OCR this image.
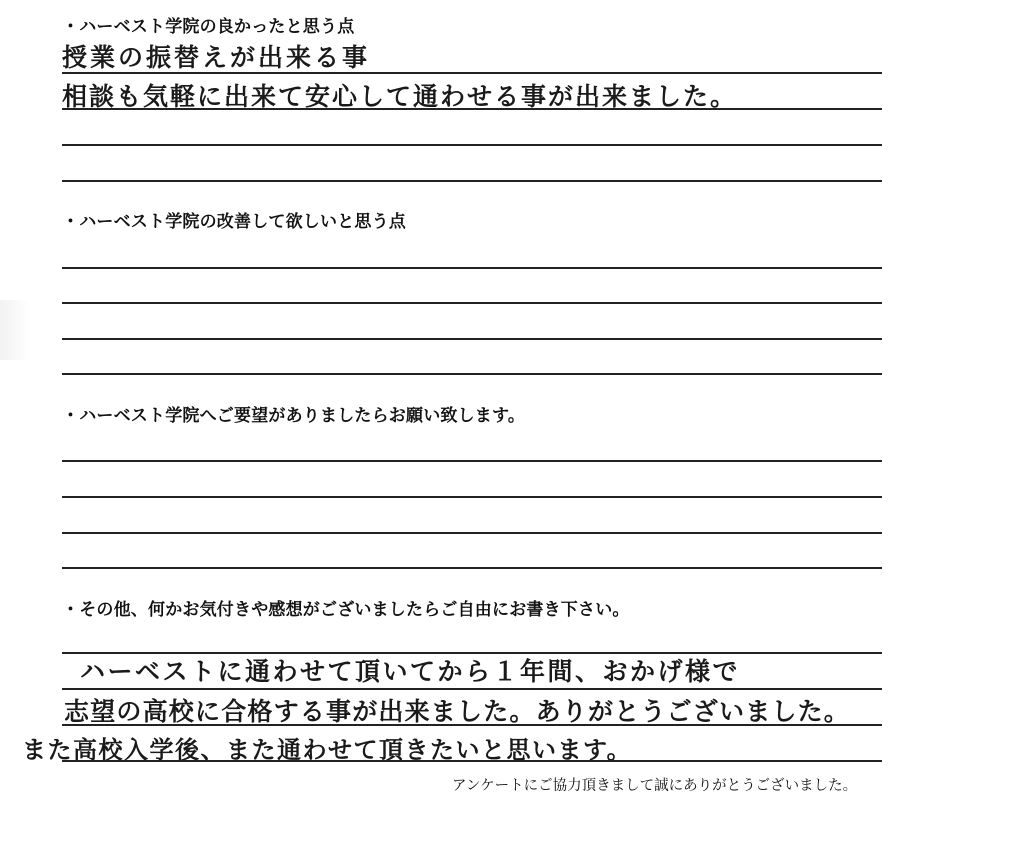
・ハーベスト学院の良かったと思う点
授業の振替えが出来る事
相談も気軽に出来て安心して通わせる事が出来ました。
・ハーベスト学院の改善して欲しいと思う点
・ハーベスト学院へご要望がありましたらお願い致します。
・その他、何かお気付きや感想がございましたらご自由にお書き下さい。
ハーベストに通わせて頂いてから１年間、おかげ様で
志望の高校に合格する事が出来ました。ありがとうございました。
また高校入学後、また通わせて頂きたいと思います。
アンケートにご協力頂きまして誠にありがとうございました。
